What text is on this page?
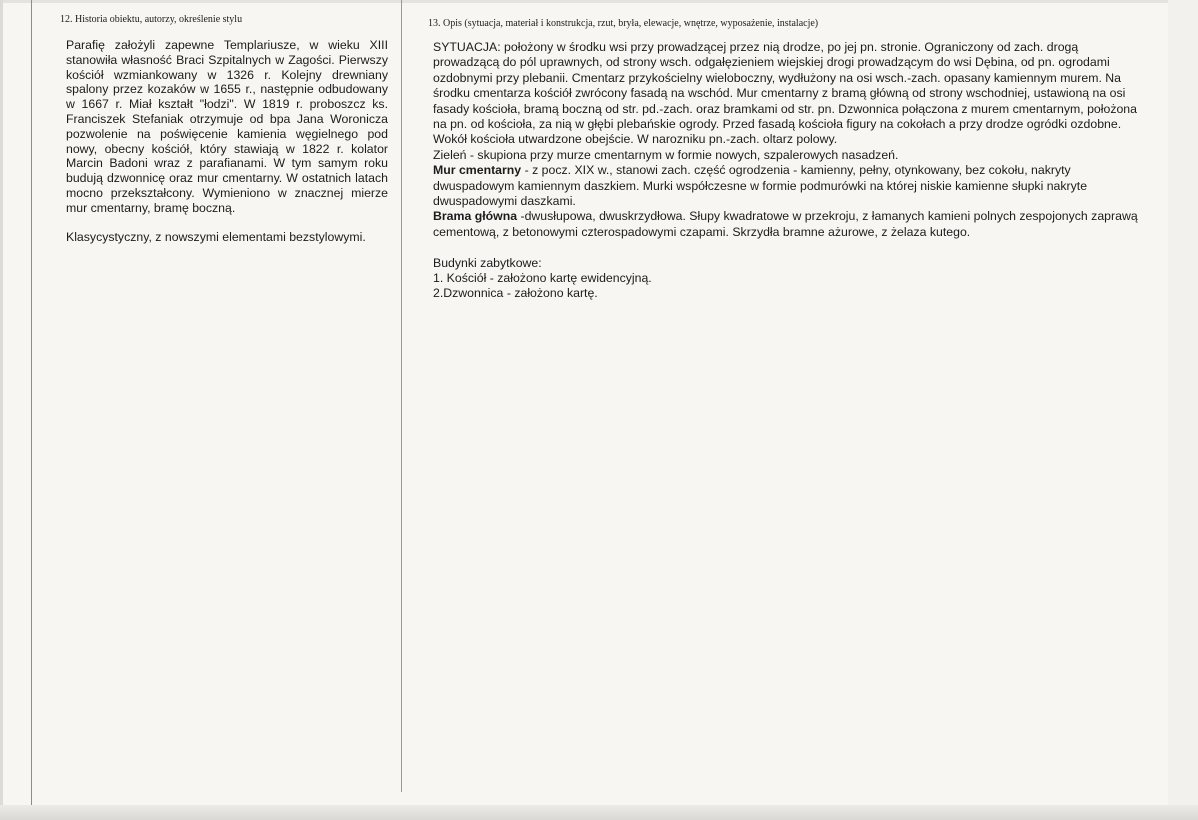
12. Historia obiektu, autorzy, określenie stylu

Parafię założyli zapewne Templariusze, w wieku XIII stanowiła własność Braci Szpitalnych w Zagości. Pierwszy kościół wzmiankowany w 1326 r. Kolejny drewniany spalony przez kozaków w 1655 r., następnie odbudowany w 1667 r. Miał kształt "łodzi". W 1819 r. proboszcz ks. Franciszek Stefaniak otrzymuje od bpa Jana Woronicza pozwolenie na poświęcenie kamienia węgielnego pod nowy, obecny kościół, który stawiają w 1822 r. kolator Marcin Badoni wraz z parafianami. W tym samym roku budują dzwonnicę oraz mur cmentarny. W ostatnich latach mocno przekształcony. Wymieniono w znacznej mierze mur cmentarny, bramę boczną.

Klasycystyczny, z nowszymi elementami bezstylowymi.

13. Opis (sytuacja, materiał i konstrukcja, rzut, bryła, elewacje, wnętrze, wyposażenie, instalacje)

SYTUACJA: położony w środku wsi przy prowadzącej przez nią drodze, po jej pn. stronie. Ograniczony od zach. drogą prowadzącą do pól uprawnych, od strony wsch. odgałęzieniem wiejskiej drogi prowadzącym do wsi Dębina, od pn. ogrodami ozdobnymi przy plebanii. Cmentarz przykościelny wieloboczny, wydłużony na osi wsch.-zach. opasany kamiennym murem. Na środku cmentarza kościół zwrócony fasadą na wschód. Mur cmentarny z bramą główną od strony wschodniej, ustawioną na osi fasady kościoła, bramą boczną od str. pd.-zach. oraz bramkami od str. pn. Dzwonnica połączona z murem cmentarnym, położona na pn. od kościoła, za nią w głębi plebańskie ogrody. Przed fasadą kościoła figury na cokołach a przy drodze ogródki ozdobne. Wokół kościoła utwardzone obejście. W narozniku pn.-zach. oltarz polowy.

Zieleń - skupiona przy murze cmentarnym w formie nowych, szpalerowych nasadzeń.

Mur cmentarny - z pocz. XIX w., stanowi zach. część ogrodzenia - kamienny, pełny, otynkowany, bez cokołu, nakryty dwuspadowym kamiennym daszkiem. Murki współczesne w formie podmurówki na której niskie kamienne słupki nakryte dwuspadowymi daszkami.

Brama główna -dwusłupowa, dwuskrzydłowa. Słupy kwadratowe w przekroju, z łamanych kamieni polnych zespojonych zaprawą cementową, z betonowymi czterospadowymi czapami. Skrzydła bramne ażurowe, z żelaza kutego.

Budynki zabytkowe:

1. Kościół - założono kartę ewidencyjną.

2.Dzwonnica - założono kartę.
